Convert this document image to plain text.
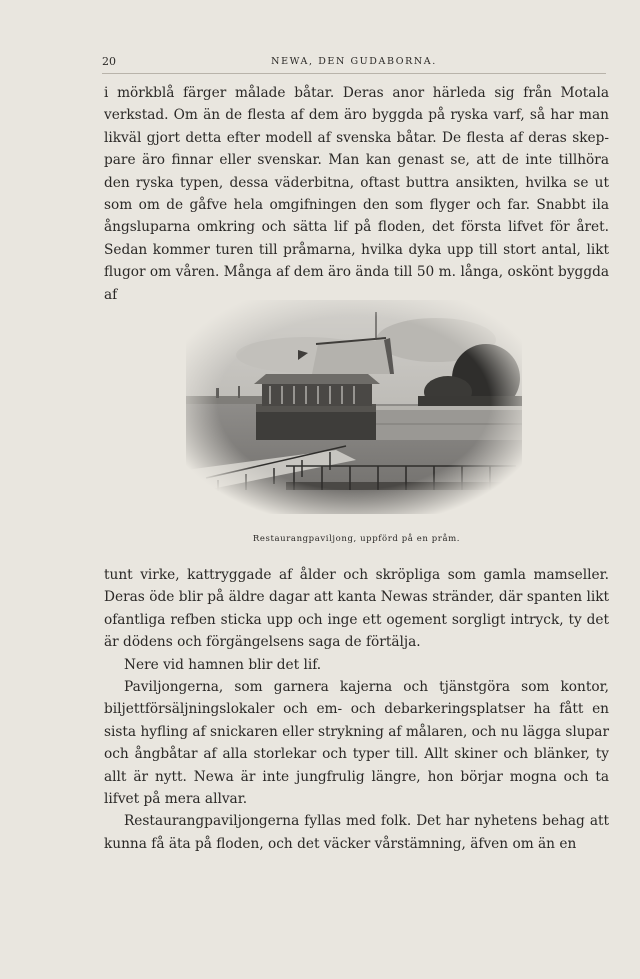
20	NEWA, DEN GUDABORNA.

i mörkblå färger målade båtar. Deras anor härleda sig från Motala verkstad. Om än de flesta af dem äro byggda på ryska varf, så har man likväl gjort detta efter modell af svenska båtar. De flesta af deras skeppare äro finnar eller svenskar. Man kan genast se, att de inte tillhöra den ryska typen, dessa väderbitna, oftast buttra ansikten, hvilka se ut som om de gåfve hela omgifningen den som flyger och far. Snabbt ila ångsluparna omkring och sätta lif på floden, det första lifvet för året. Sedan kommer turen till pråmarna, hvilka dyka upp till stort antal, likt flugor om våren. Många af dem äro ända till 50 m. långa, oskönt byggda af

Restaurangpaviljong, uppförd på en pråm.

tunt virke, kattryggade af ålder och skröpliga som gamla mamseller. Deras öde blir på äldre dagar att kanta Newas stränder, där spanten likt ofantliga refben sticka upp och inge ett ogement sorgligt intryck, ty det är dödens och förgängelsens saga de förtälja.

Nere vid hamnen blir det lif.

Paviljongerna, som garnera kajerna och tjänstgöra som kontor, biljettförsäljningslokaler och em- och debarkeringsplatser ha fått en sista hyfling af snickaren eller strykning af målaren, och nu lägga slupar och ångbåtar af alla storlekar och typer till. Allt skiner och blänker, ty allt är nytt. Newa är inte jungfrulig längre, hon börjar mogna och ta lifvet på mera allvar.

Restaurangpaviljongerna fyllas med folk. Det har nyhetens behag att kunna få äta på floden, och det väcker vårstämning, äfven om än en
